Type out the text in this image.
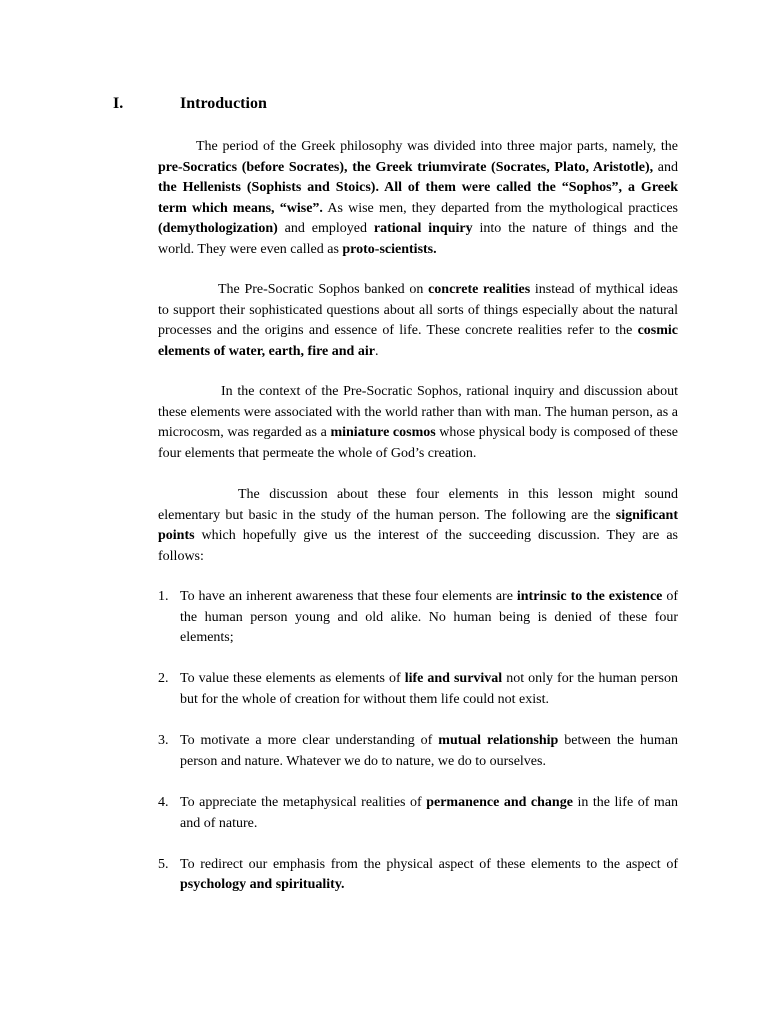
I.	Introduction

The period of the Greek philosophy was divided into three major parts, namely, the pre-Socratics (before Socrates), the Greek triumvirate (Socrates, Plato, Aristotle), and the Hellenists (Sophists and Stoics). All of them were called the “Sophos”, a Greek term which means, “wise”. As wise men, they departed from the mythological practices (demythologization) and employed rational inquiry into the nature of things and the world. They were even called as proto-scientists.

The Pre-Socratic Sophos banked on concrete realities instead of mythical ideas to support their sophisticated questions about all sorts of things especially about the natural processes and the origins and essence of life. These concrete realities refer to the cosmic elements of water, earth, fire and air.

In the context of the Pre-Socratic Sophos, rational inquiry and discussion about these elements were associated with the world rather than with man. The human person, as a microcosm, was regarded as a miniature cosmos whose physical body is composed of these four elements that permeate the whole of God’s creation.

The discussion about these four elements in this lesson might sound elementary but basic in the study of the human person. The following are the significant points which hopefully give us the interest of the succeeding discussion. They are as follows:

1. To have an inherent awareness that these four elements are intrinsic to the existence of the human person young and old alike. No human being is denied of these four elements;
2. To value these elements as elements of life and survival not only for the human person but for the whole of creation for without them life could not exist.
3. To motivate a more clear understanding of mutual relationship between the human person and nature. Whatever we do to nature, we do to ourselves.
4. To appreciate the metaphysical realities of permanence and change in the life of man and of nature.
5. To redirect our emphasis from the physical aspect of these elements to the aspect of psychology and spirituality.
